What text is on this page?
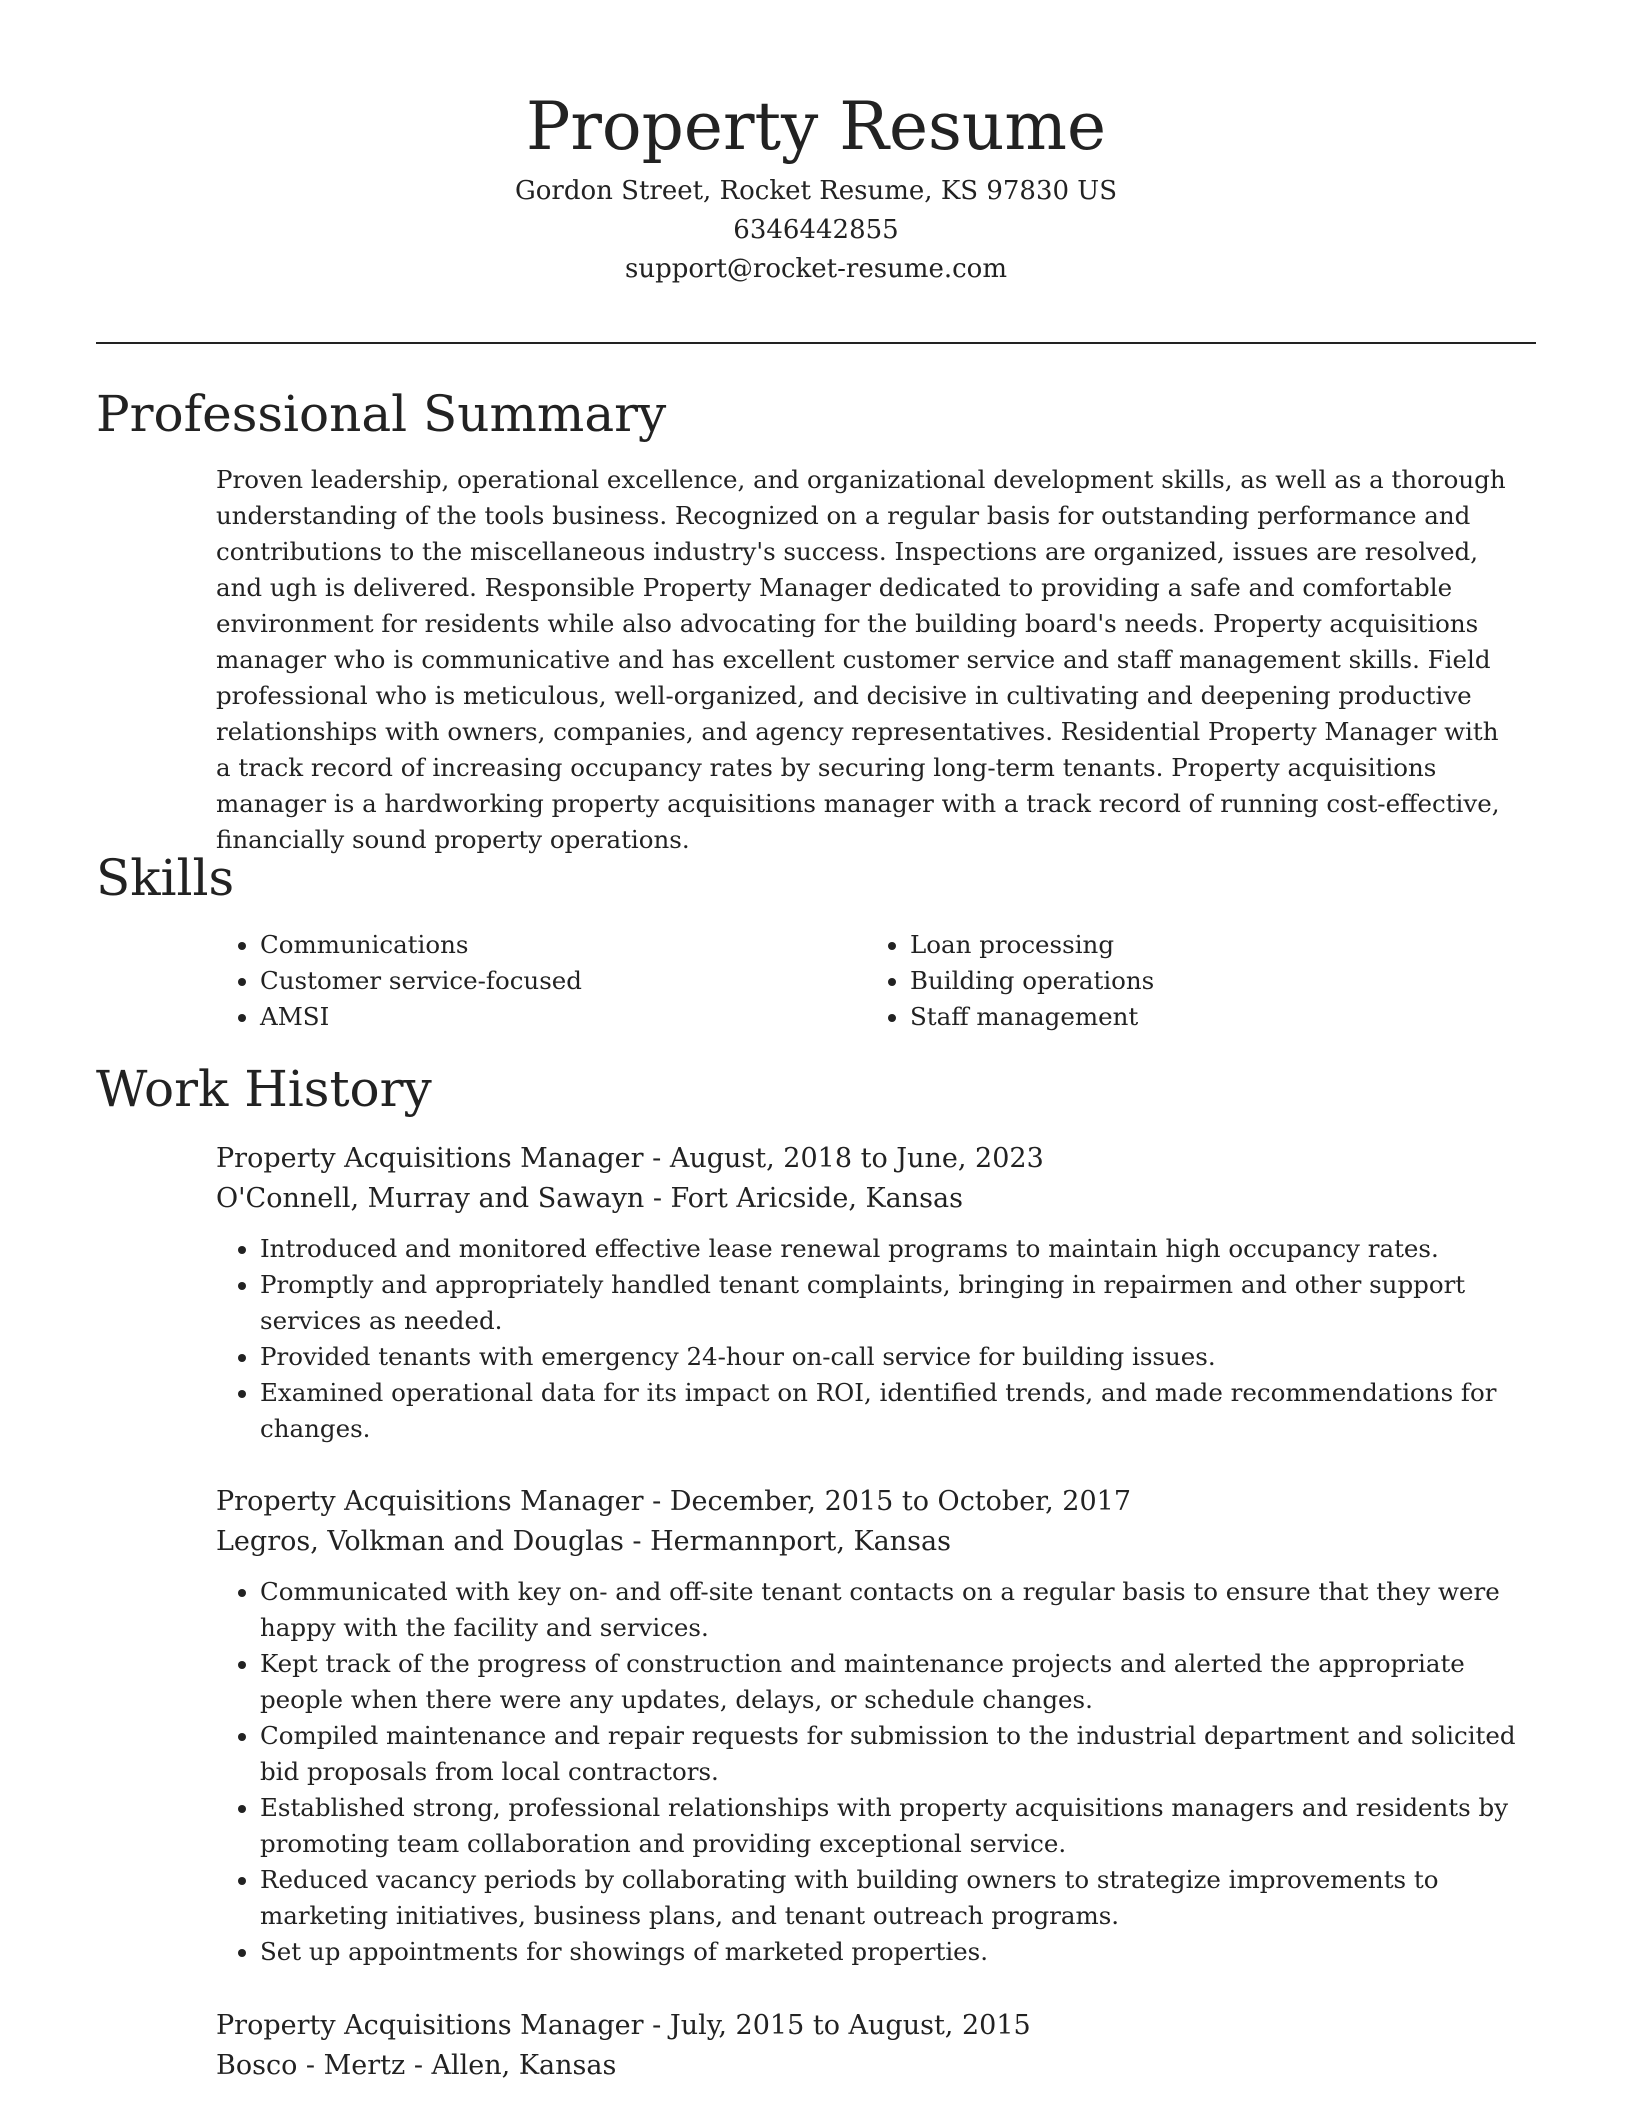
Property Resume
Gordon Street, Rocket Resume, KS 97830 US
6346442855
support@rocket-resume.com
Professional Summary
Proven leadership, operational excellence, and organizational development skills, as well as a thorough understanding of the tools business. Recognized on a regular basis for outstanding performance and contributions to the miscellaneous industry's success. Inspections are organized, issues are resolved, and ugh is delivered. Responsible Property Manager dedicated to providing a safe and comfortable environment for residents while also advocating for the building board's needs. Property acquisitions manager who is communicative and has excellent customer service and staff management skills. Field professional who is meticulous, well-organized, and decisive in cultivating and deepening productive relationships with owners, companies, and agency representatives. Residential Property Manager with a track record of increasing occupancy rates by securing long-term tenants. Property acquisitions manager is a hardworking property acquisitions manager with a track record of running cost-effective, financially sound property operations.
Skills
• Communications
• Customer service-focused
• AMSI
• Loan processing
• Building operations
• Staff management
Work History
Property Acquisitions Manager - August, 2018 to June, 2023
O'Connell, Murray and Sawayn - Fort Aricside, Kansas
• Introduced and monitored effective lease renewal programs to maintain high occupancy rates.
• Promptly and appropriately handled tenant complaints, bringing in repairmen and other support services as needed.
• Provided tenants with emergency 24-hour on-call service for building issues.
• Examined operational data for its impact on ROI, identified trends, and made recommendations for changes.
Property Acquisitions Manager - December, 2015 to October, 2017
Legros, Volkman and Douglas - Hermannport, Kansas
• Communicated with key on- and off-site tenant contacts on a regular basis to ensure that they were happy with the facility and services.
• Kept track of the progress of construction and maintenance projects and alerted the appropriate people when there were any updates, delays, or schedule changes.
• Compiled maintenance and repair requests for submission to the industrial department and solicited bid proposals from local contractors.
• Established strong, professional relationships with property acquisitions managers and residents by promoting team collaboration and providing exceptional service.
• Reduced vacancy periods by collaborating with building owners to strategize improvements to marketing initiatives, business plans, and tenant outreach programs.
• Set up appointments for showings of marketed properties.
Property Acquisitions Manager - July, 2015 to August, 2015
Bosco - Mertz - Allen, Kansas
